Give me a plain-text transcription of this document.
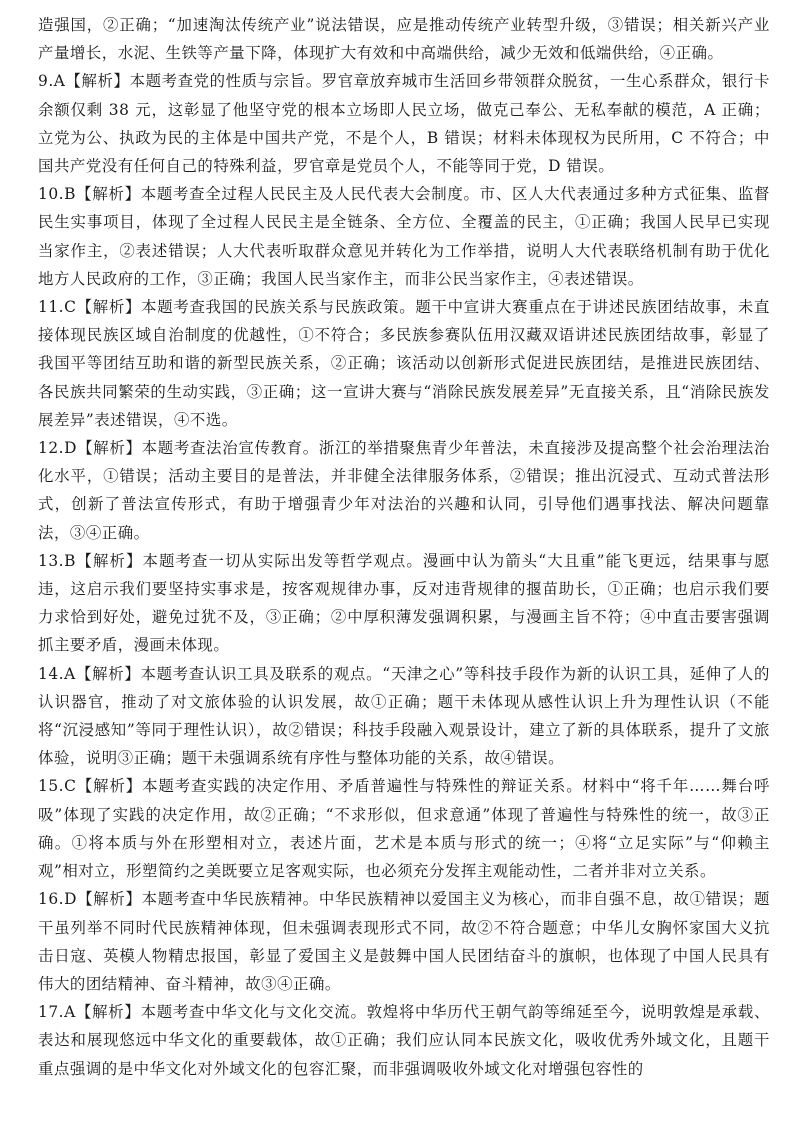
造强国，②正确；“加速淘汰传统产业”说法错误，应是推动传统产业转型升级，③错误；相关新兴产业产量增长，水泥、生铁等产量下降，体现扩大有效和中高端供给，减少无效和低端供给，④正确。

9.A【解析】本题考查党的性质与宗旨。罗官章放弃城市生活回乡带领群众脱贫，一生心系群众，银行卡余额仅剩 38 元，这彰显了他坚守党的根本立场即人民立场，做克己奉公、无私奉献的模范，A 正确；立党为公、执政为民的主体是中国共产党，不是个人，B 错误；材料未体现权为民所用，C 不符合；中国共产党没有任何自己的特殊利益，罗官章是党员个人，不能等同于党，D 错误。

10.B【解析】本题考查全过程人民民主及人民代表大会制度。市、区人大代表通过多种方式征集、监督民生实事项目，体现了全过程人民民主是全链条、全方位、全覆盖的民主，①正确；我国人民早已实现当家作主，②表述错误；人大代表听取群众意见并转化为工作举措，说明人大代表联络机制有助于优化地方人民政府的工作，③正确；我国人民当家作主，而非公民当家作主，④表述错误。

11.C【解析】本题考查我国的民族关系与民族政策。题干中宣讲大赛重点在于讲述民族团结故事，未直接体现民族区域自治制度的优越性，①不符合；多民族参赛队伍用汉藏双语讲述民族团结故事，彰显了我国平等团结互助和谐的新型民族关系，②正确；该活动以创新形式促进民族团结，是推进民族团结、各民族共同繁荣的生动实践，③正确；这一宣讲大赛与“消除民族发展差异”无直接关系，且“消除民族发展差异”表述错误，④不选。

12.D【解析】本题考查法治宣传教育。浙江的举措聚焦青少年普法，未直接涉及提高整个社会治理法治化水平，①错误；活动主要目的是普法，并非健全法律服务体系，②错误；推出沉浸式、互动式普法形式，创新了普法宣传形式，有助于增强青少年对法治的兴趣和认同，引导他们遇事找法、解决问题靠法，③④正确。

13.B【解析】本题考查一切从实际出发等哲学观点。漫画中认为箭头“大且重”能飞更远，结果事与愿违，这启示我们要坚持实事求是，按客观规律办事，反对违背规律的揠苗助长，①正确；也启示我们要力求恰到好处，避免过犹不及，③正确；②中厚积薄发强调积累，与漫画主旨不符；④中直击要害强调抓主要矛盾，漫画未体现。

14.A【解析】本题考查认识工具及联系的观点。“天津之心”等科技手段作为新的认识工具，延伸了人的认识器官，推动了对文旅体验的认识发展，故①正确；题干未体现从感性认识上升为理性认识（不能将“沉浸感知”等同于理性认识），故②错误；科技手段融入观景设计，建立了新的具体联系，提升了文旅体验，说明③正确；题干未强调系统有序性与整体功能的关系，故④错误。

15.C【解析】本题考查实践的决定作用、矛盾普遍性与特殊性的辩证关系。材料中“将千年……舞台呼吸”体现了实践的决定作用，故②正确；“不求形似，但求意通”体现了普遍性与特殊性的统一，故③正确。①将本质与外在形塑相对立，表述片面，艺术是本质与形式的统一；④将“立足实际”与“仰赖主观”相对立，形塑简约之美既要立足客观实际，也必须充分发挥主观能动性，二者并非对立关系。

16.D【解析】本题考查中华民族精神。中华民族精神以爱国主义为核心，而非自强不息，故①错误；题干虽列举不同时代民族精神体现，但未强调表现形式不同，故②不符合题意；中华儿女胸怀家国大义抗击日寇、英模人物精忠报国，彰显了爱国主义是鼓舞中国人民团结奋斗的旗帜，也体现了中国人民具有伟大的团结精神、奋斗精神，故③④正确。

17.A【解析】本题考查中华文化与文化交流。敦煌将中华历代王朝气韵等绵延至今，说明敦煌是承载、表达和展现悠远中华文化的重要载体，故①正确；我们应认同本民族文化，吸收优秀外域文化，且题干重点强调的是中华文化对外域文化的包容汇聚，而非强调吸收外域文化对增强包容性的
